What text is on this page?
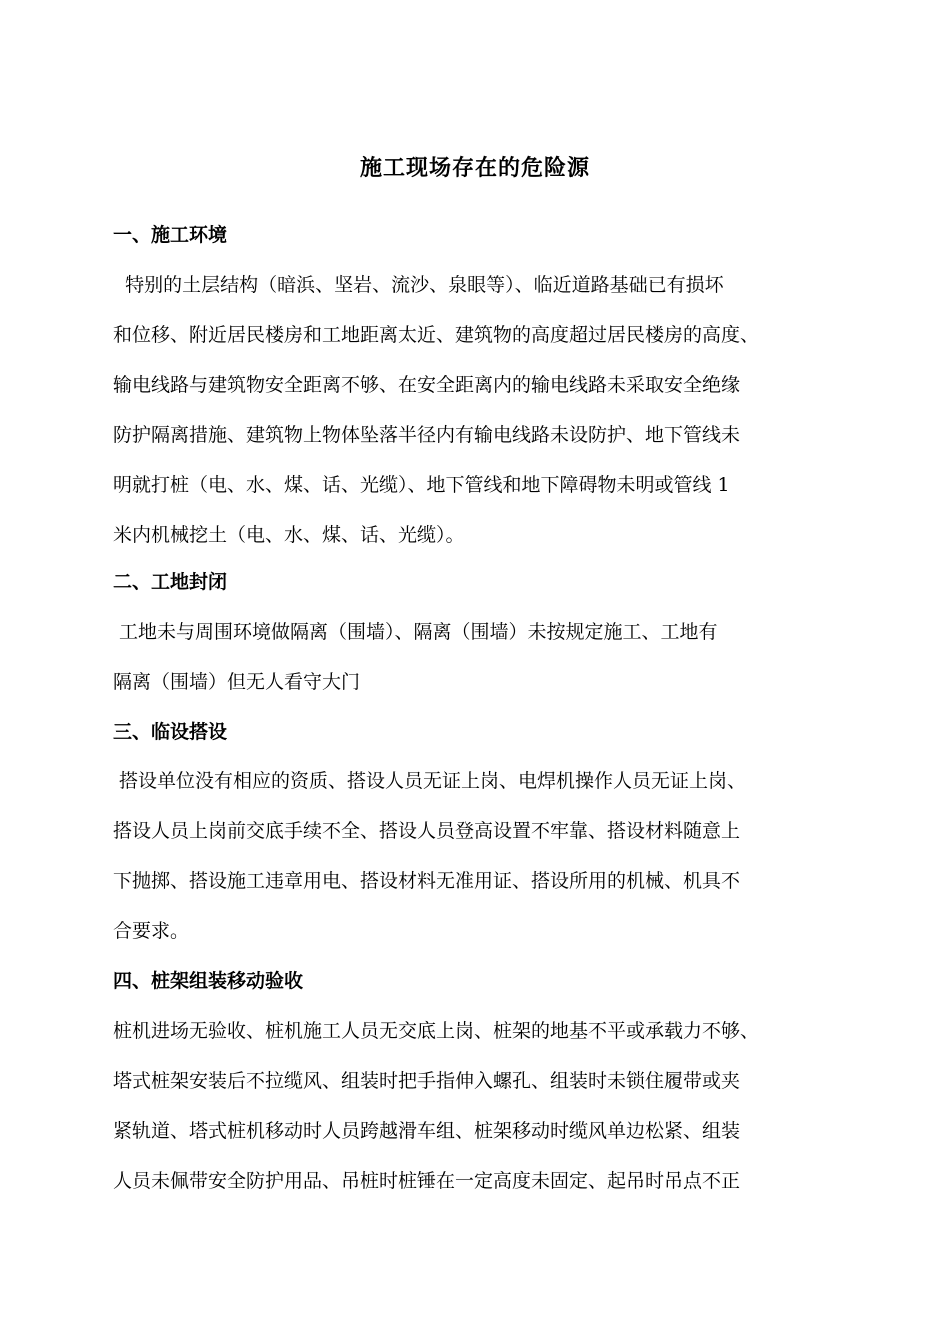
施工现场存在的危险源
一、施工环境
特别的土层结构（暗浜、坚岩、流沙、泉眼等）、临近道路基础已有损坏
和位移、附近居民楼房和工地距离太近、建筑物的高度超过居民楼房的高度、
输电线路与建筑物安全距离不够、在安全距离内的输电线路未采取安全绝缘
防护隔离措施、建筑物上物体坠落半径内有输电线路未设防护、地下管线未
明就打桩（电、水、煤、话、光缆）、地下管线和地下障碍物未明或管线 1
米内机械挖土（电、水、煤、话、光缆）。
二、工地封闭
工地未与周围环境做隔离（围墙）、隔离（围墙）未按规定施工、工地有
隔离（围墙）但无人看守大门
三、临设搭设
搭设单位没有相应的资质、搭设人员无证上岗、电焊机操作人员无证上岗、
搭设人员上岗前交底手续不全、搭设人员登高设置不牢靠、搭设材料随意上
下抛掷、搭设施工违章用电、搭设材料无准用证、搭设所用的机械、机具不
合要求。
四、桩架组装移动验收
桩机进场无验收、桩机施工人员无交底上岗、桩架的地基不平或承载力不够、
塔式桩架安装后不拉缆风、组装时把手指伸入螺孔、组装时未锁住履带或夹
紧轨道、塔式桩机移动时人员跨越滑车组、桩架移动时缆风单边松紧、组装
人员未佩带安全防护用品、吊桩时桩锤在一定高度未固定、起吊时吊点不正
